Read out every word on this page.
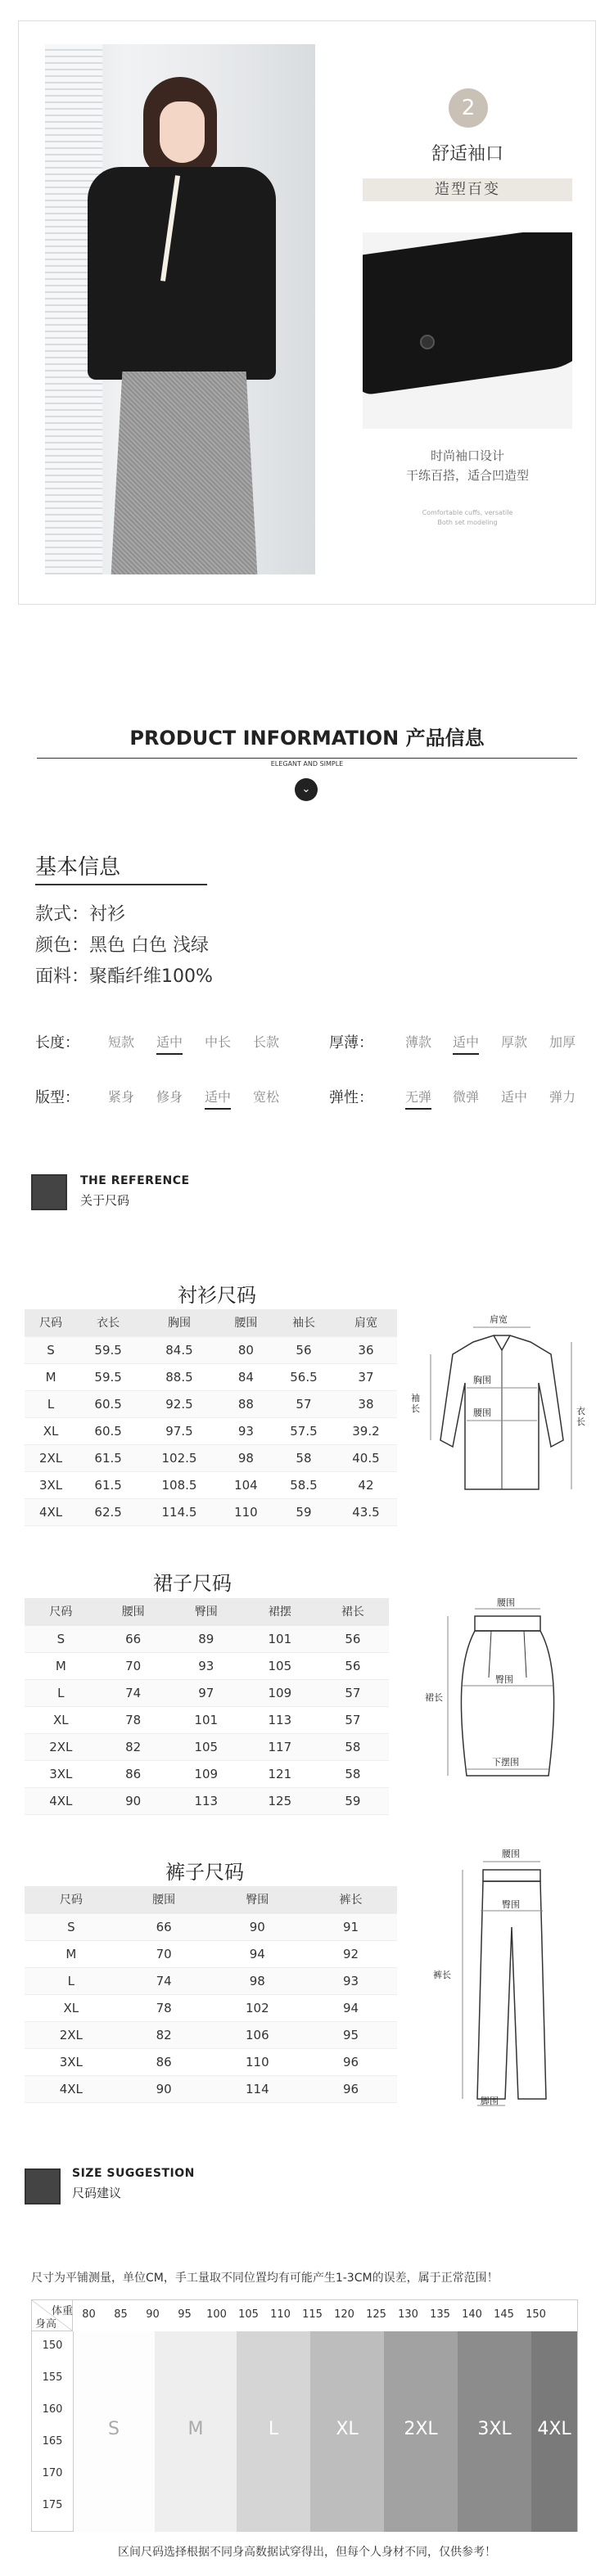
2
舒适袖口
造型百变
时尚袖口设计
干练百搭，适合凹造型
Comfortable cuffs, versatile
Both set modeling
PRODUCT INFORMATION 产品信息
ELEGANT AND SIMPLE
⌄
基本信息
款式：衬衫
颜色：黑色 白色 浅绿
面料：聚酯纤维100%
长度： 短款 适中 中长 长款	厚薄： 薄款 适中 厚款 加厚
版型： 紧身 修身 适中 宽松	弹性： 无弹 微弹 适中 弹力
THE REFERENCE
关于尺码
衬衫尺码
尺码	衣长	胸围	腰围	袖长	肩宽
S	59.5	84.5	80	56	36
M	59.5	88.5	84	56.5	37
L	60.5	92.5	88	57	38
XL	60.5	97.5	93	57.5	39.2
2XL	61.5	102.5	98	58	40.5
3XL	61.5	108.5	104	58.5	42
4XL	62.5	114.5	110	59	43.5
肩宽
胸围
腰围
袖长	衣长
裙子尺码
尺码	腰围	臀围	裙摆	裙长
S	66	89	101	56
M	70	93	105	56
L	74	97	109	57
XL	78	101	113	57
2XL	82	105	117	58
3XL	86	109	121	58
4XL	90	113	125	59
腰围
臀围
裙长
下摆围
裤子尺码
尺码	腰围	臀围	裤长
S	66	90	91
M	70	94	92
L	74	98	93
XL	78	102	94
2XL	82	106	95
3XL	86	110	96
4XL	90	114	96
腰围
臀围
裤长
脚围
SIZE SUGGESTION
尺码建议
尺寸为平铺测量，单位CM，手工量取不同位置均有可能产生1-3CM的误差，属于正常范围！
体重
身高
80	85	90	95	100	105	110	115	120	125	130	135	140	145	150
150
155
160
165
170
175
S	M	L	XL	2XL	3XL	4XL
区间尺码选择根据不同身高数据试穿得出，但每个人身材不同，仅供参考！
